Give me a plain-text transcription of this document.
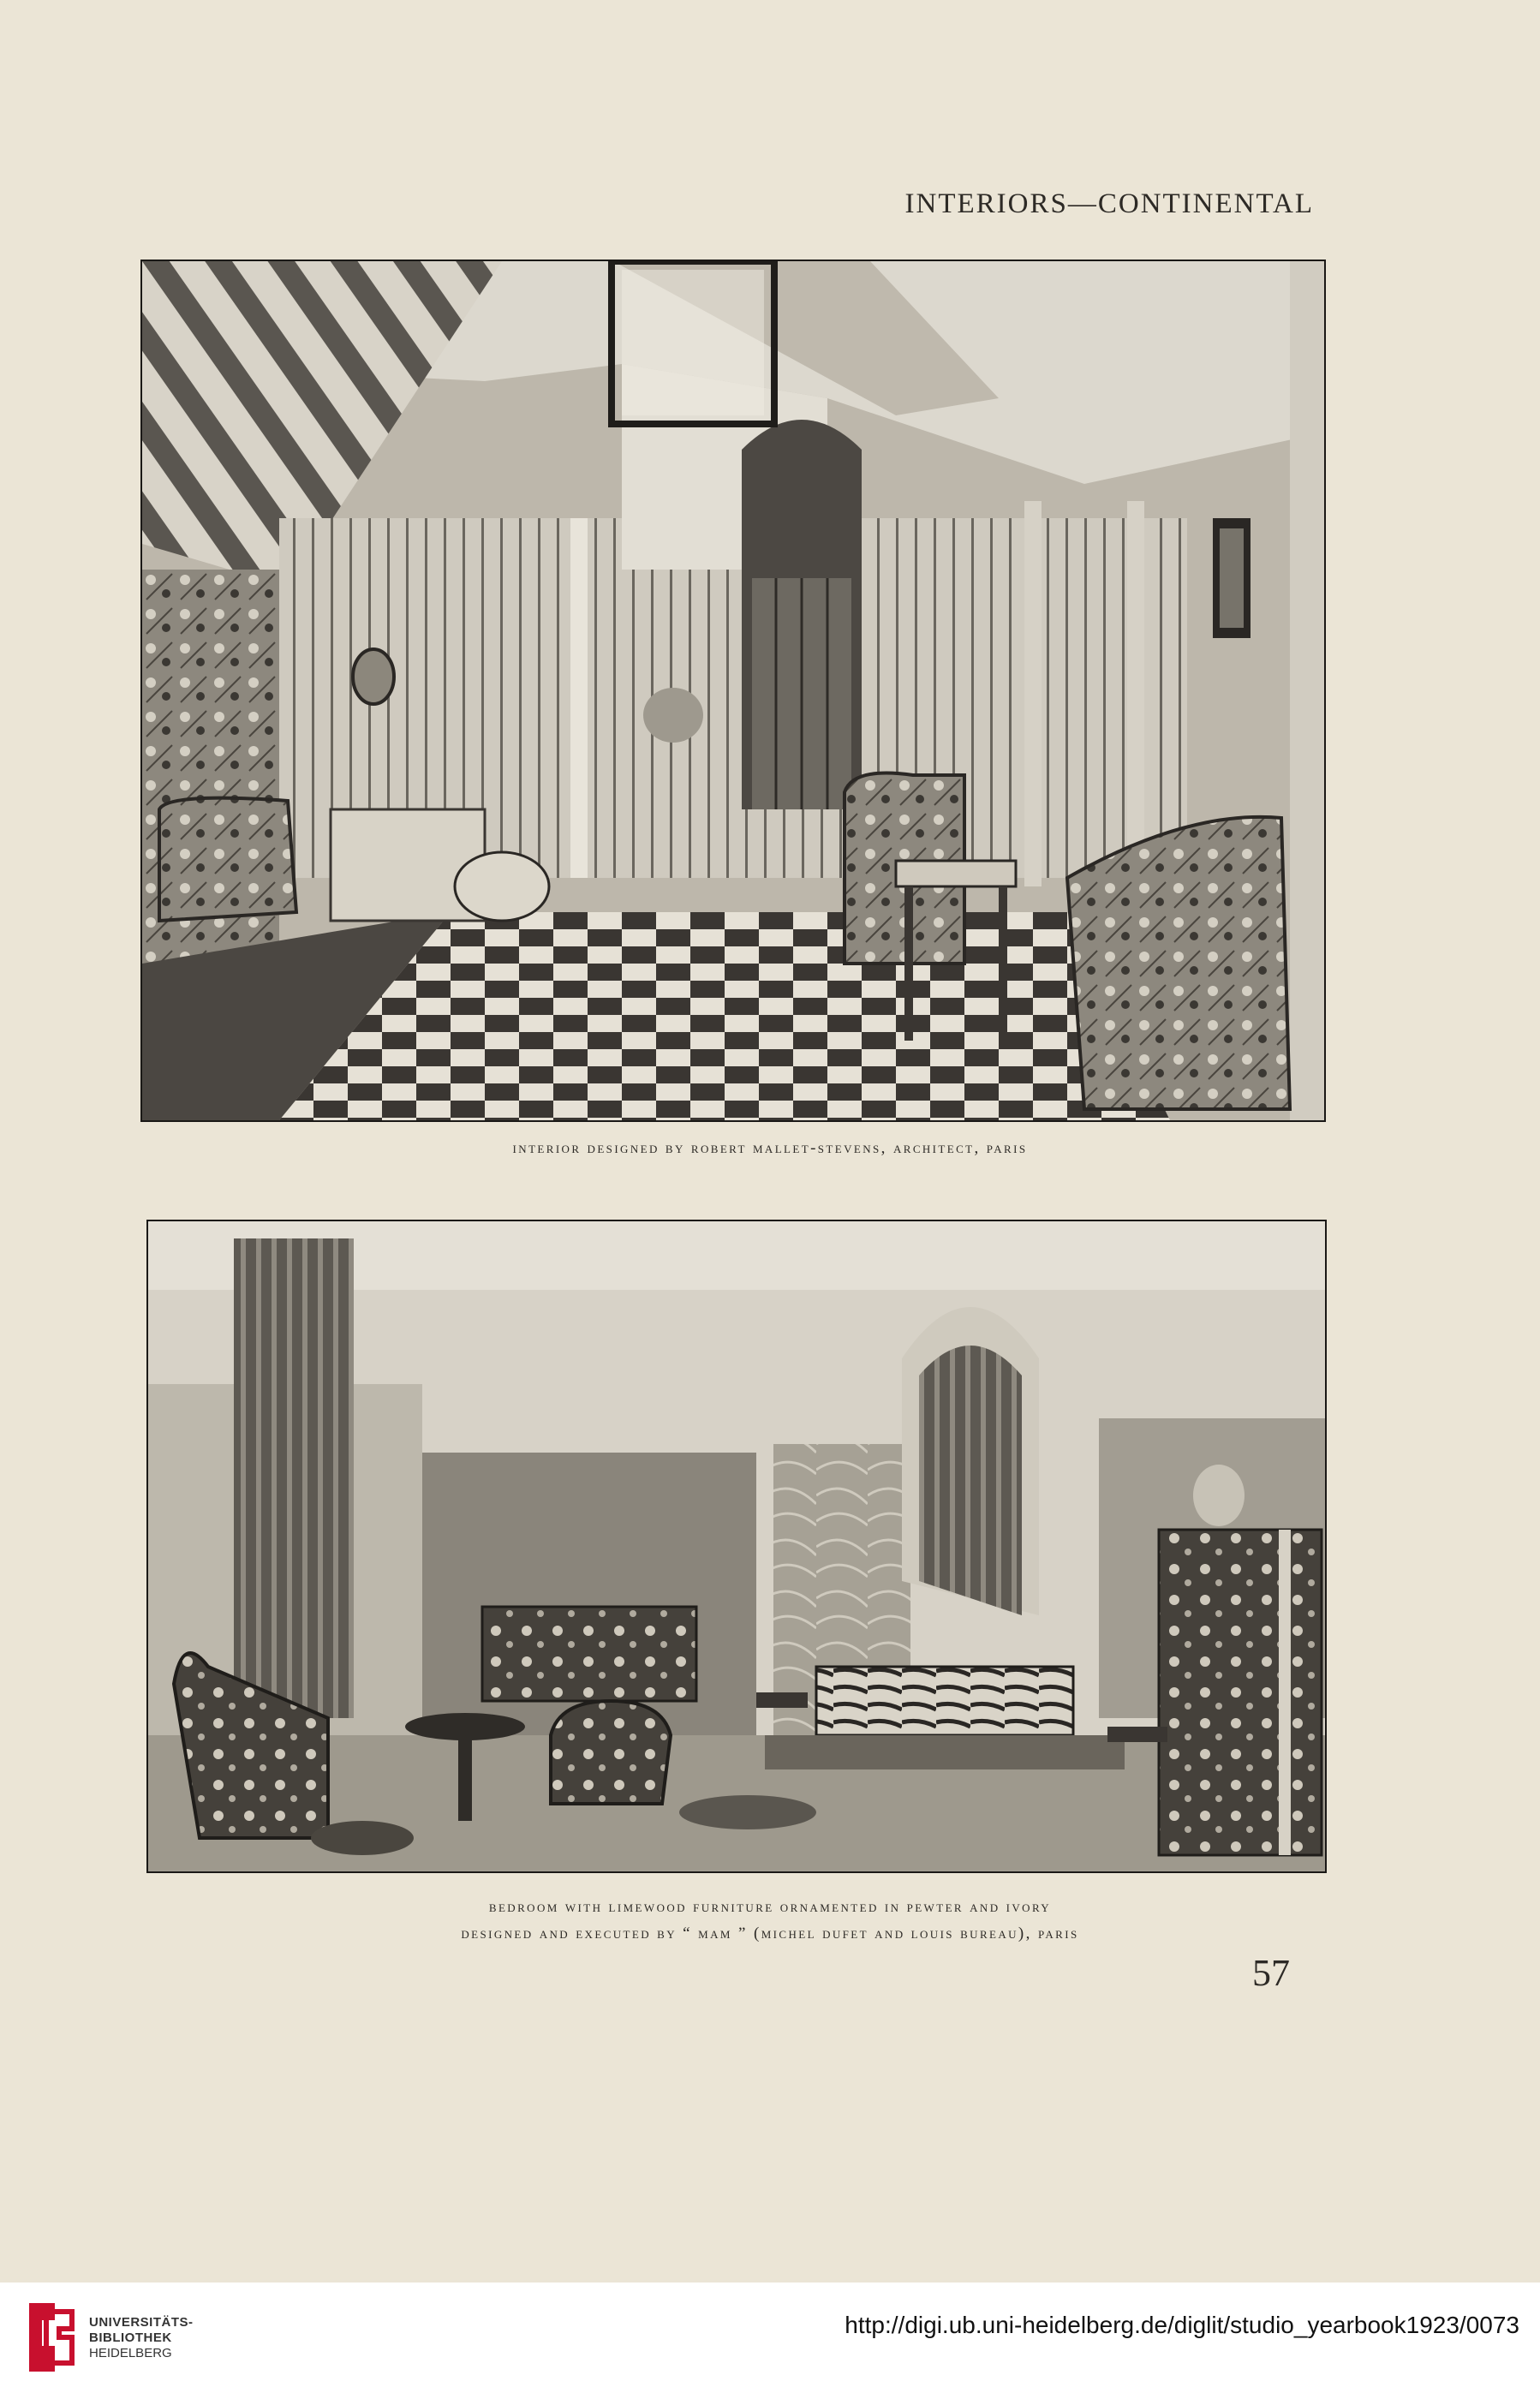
INTERIORS—CONTINENTAL
interior designed by robert mallet-stevens, architect, paris
bedroom with limewood furniture ornamented in pewter and ivory
designed and executed by “ mam ” (michel dufet and louis bureau), paris
57
UNIVERSITÄTS-
BIBLIOTHEK
HEIDELBERG
http://digi.ub.uni-heidelberg.de/diglit/studio_yearbook1923/0073
